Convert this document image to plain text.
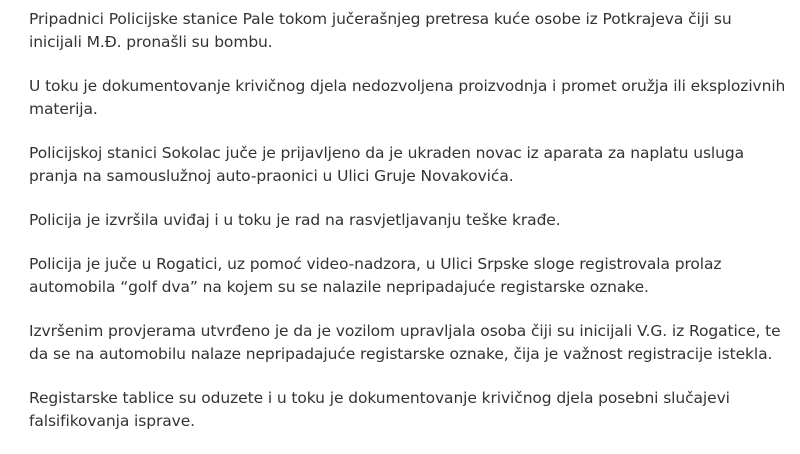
Pripadnici Policijske stanice Pale tokom jučerašnjeg pretresa kuće osobe iz Potkrajeva čiji su inicijali M.Đ. pronašli su bombu.

U toku je dokumentovanje krivičnog djela nedozvoljena proizvodnja i promet oružja ili eksplozivnih materija.

Policijskoj stanici Sokolac juče je prijavljeno da je ukraden novac iz aparata za naplatu usluga pranja na samouslužnoj auto-praonici u Ulici Gruje Novakovića.

Policija je izvršila uviđaj i u toku je rad na rasvjetljavanju teške krađe.

Policija je juče u Rogatici, uz pomoć video-nadzora, u Ulici Srpske sloge registrovala prolaz automobila “golf dva” na kojem su se nalazile nepripadajuće registarske oznake.

Izvršenim provjerama utvrđeno je da je vozilom upravljala osoba čiji su inicijali V.G. iz Rogatice, te da se na automobilu nalaze nepripadajuće registarske oznake, čija je važnost registracije istekla.

Registarske tablice su oduzete i u toku je dokumentovanje krivičnog djela posebni slučajevi falsifikovanja isprave.
